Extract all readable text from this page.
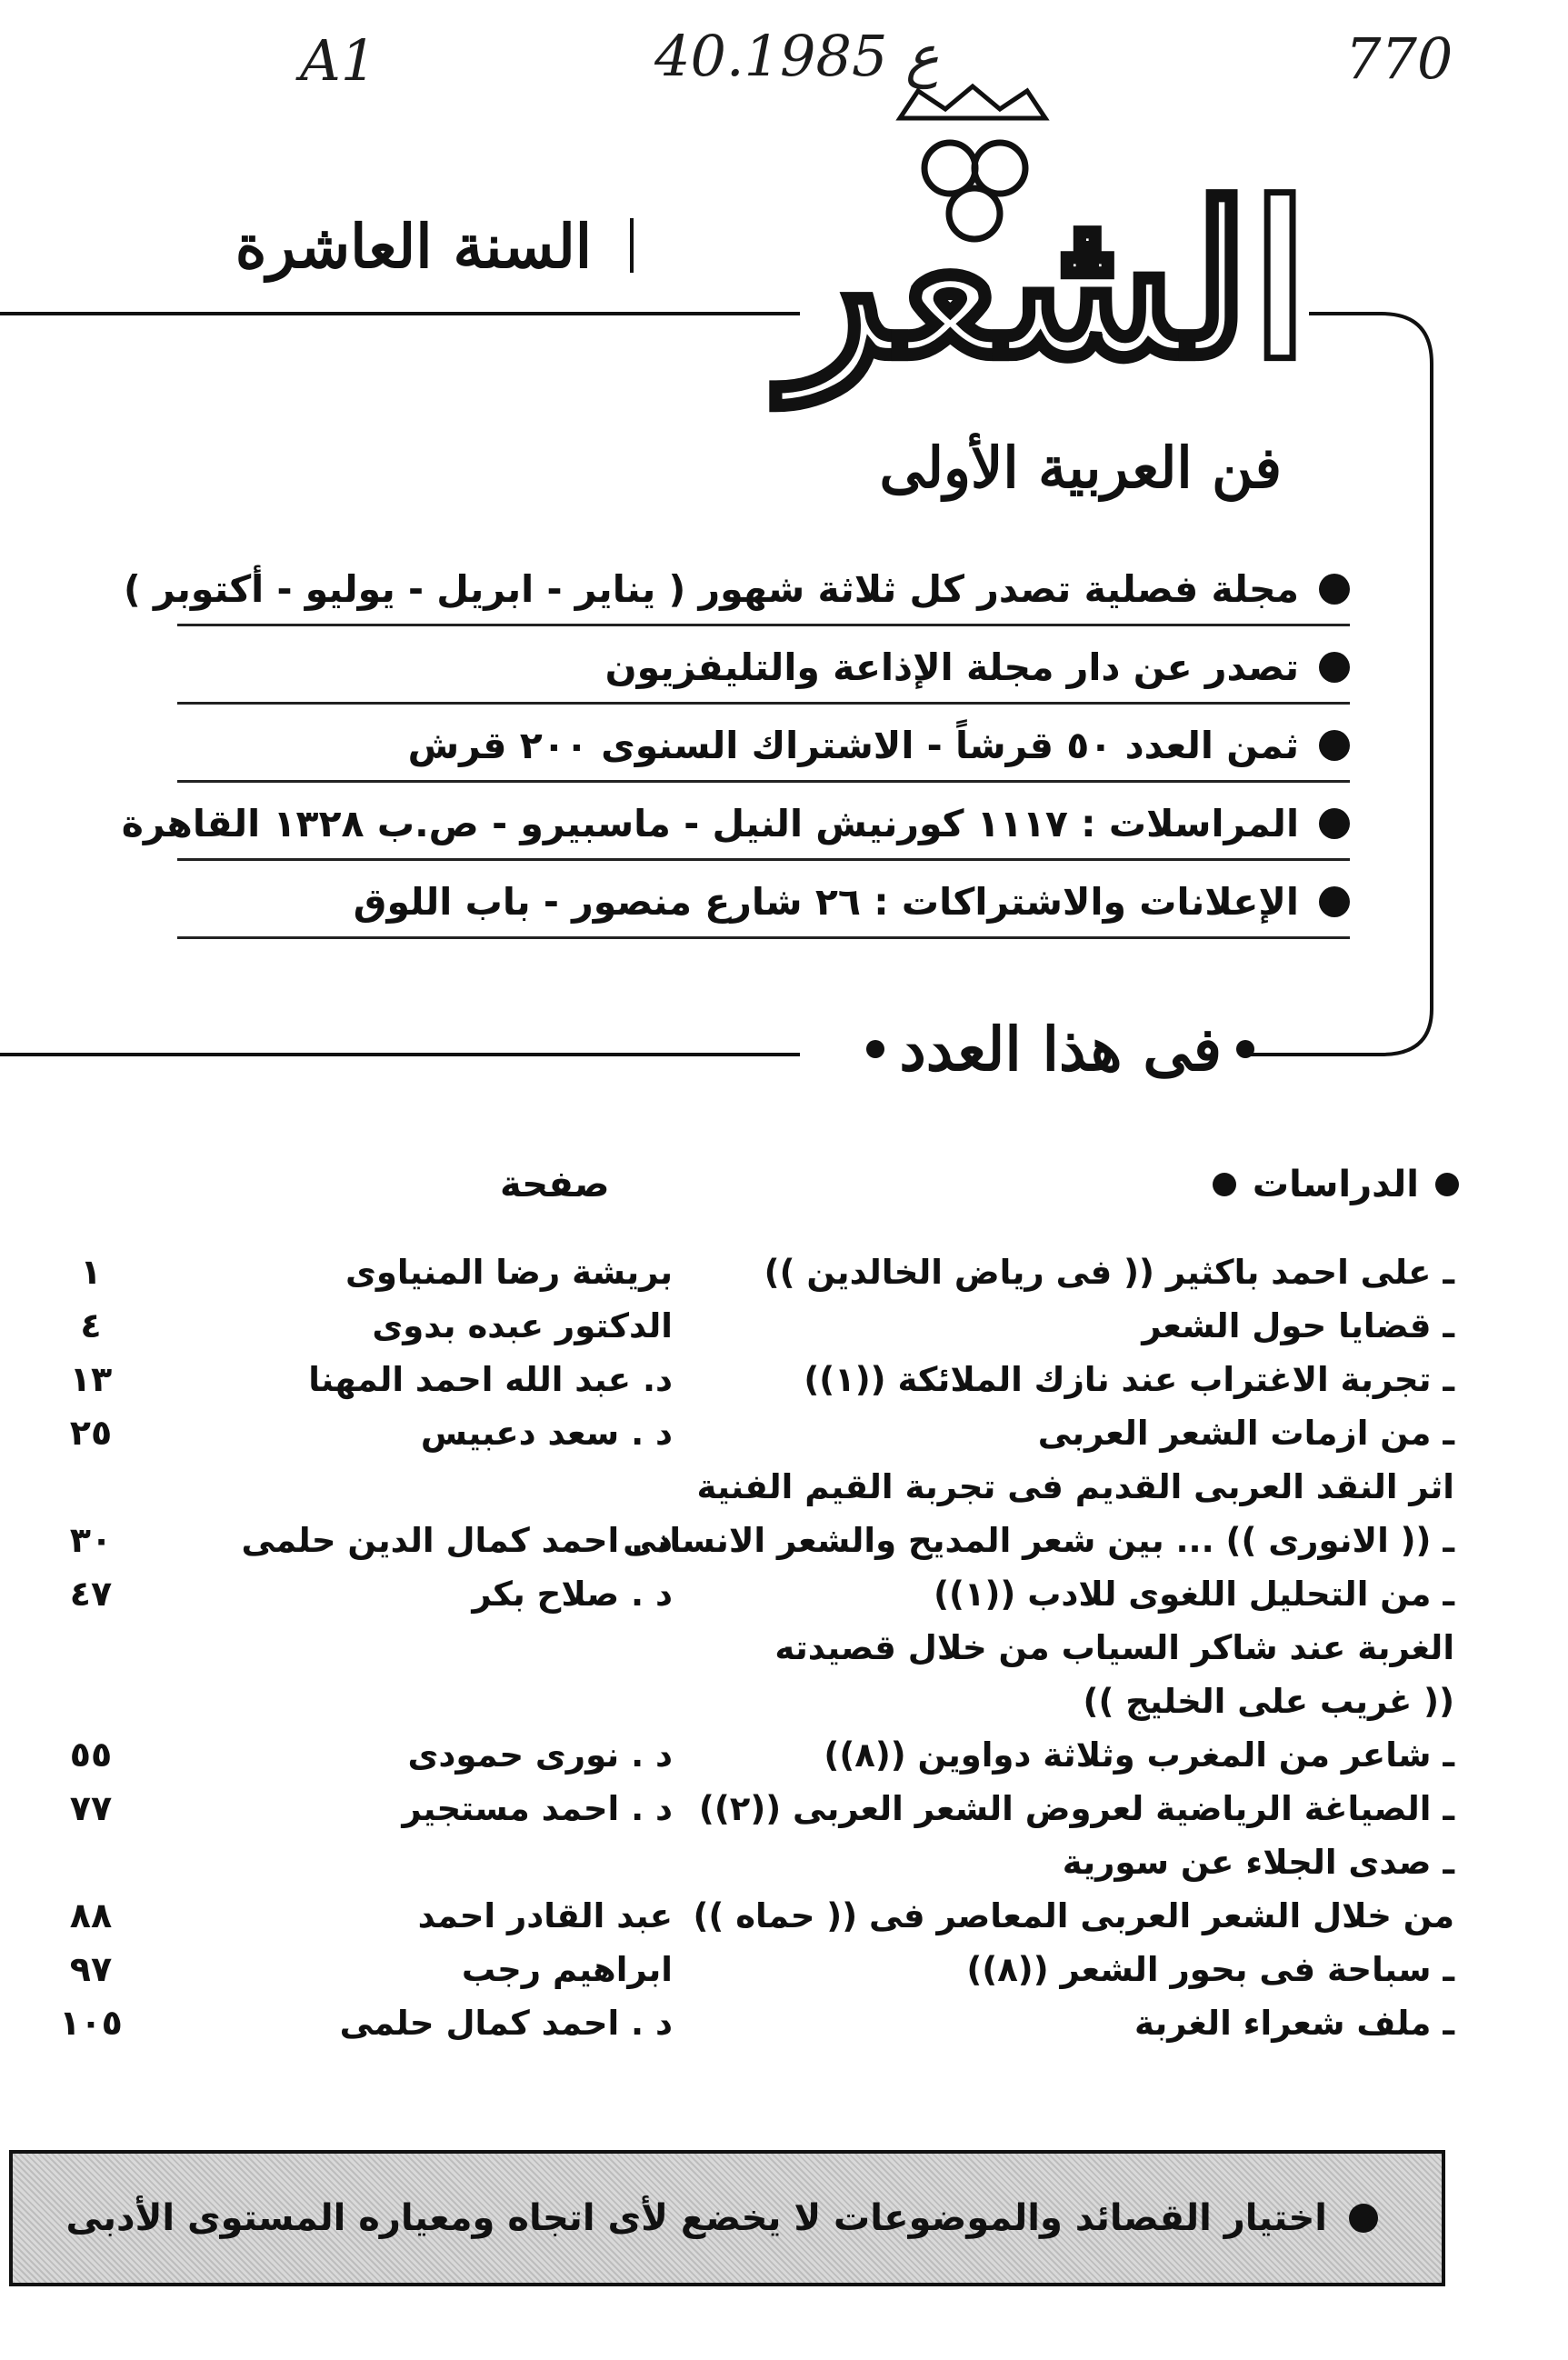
A1	40.ع 1985	770
الشعر
السنة العاشرة
فن العربية الأولى
مجلة فصلية تصدر كل ثلاثة شهور ( يناير - ابريل - يوليو - أكتوبر )
تصدر عن دار مجلة الإذاعة والتليفزيون
ثمن العدد ٥٠ قرشاً - الاشتراك السنوى ٢٠٠ قرش
المراسلات : ١١١٧ كورنيش النيل - ماسبيرو - ص.ب ١٣٢٨ القاهرة
الإعلانات والاشتراكات : ٢٦ شارع منصور - باب اللوق
فى هذا العدد
الدراسات
صفحة
ـ على احمد باكثير (( فى رياض الخالدين ))
بريشة رضا المنياوى
١
ـ قضايا حول الشعر
الدكتور عبده بدوى
٤
ـ تجربة الاغتراب عند نازك الملائكة ((١))
د. عبد الله احمد المهنا
١٣
ـ من ازمات الشعر العربى
د . سعد دعبيس
٢٥
اثر النقد العربى القديم فى تجربة القيم الفنية
ـ (( الانورى )) ... بين شعر المديح والشعر الانسانى
د . احمد كمال الدين حلمى
٣٠
ـ من التحليل اللغوى للادب ((١))
د . صلاح بكر
٤٧
الغربة عند شاكر السياب من خلال قصيدته
(( غريب على الخليج ))
ـ شاعر من المغرب وثلاثة دواوين ((٨))
د . نورى حمودى
٥٥
ـ الصياغة الرياضية لعروض الشعر العربى ((٢))
د . احمد مستجير
٧٧
ـ صدى الجلاء عن سورية
من خلال الشعر العربى المعاصر فى (( حماه ))
عبد القادر احمد
٨٨
ـ سباحة فى بحور الشعر ((٨))
ابراهيم رجب
٩٧
ـ ملف شعراء الغربة
د . احمد كمال حلمى
١٠٥
اختيار القصائد والموضوعات لا يخضع لأى اتجاه ومعياره المستوى الأدبى
